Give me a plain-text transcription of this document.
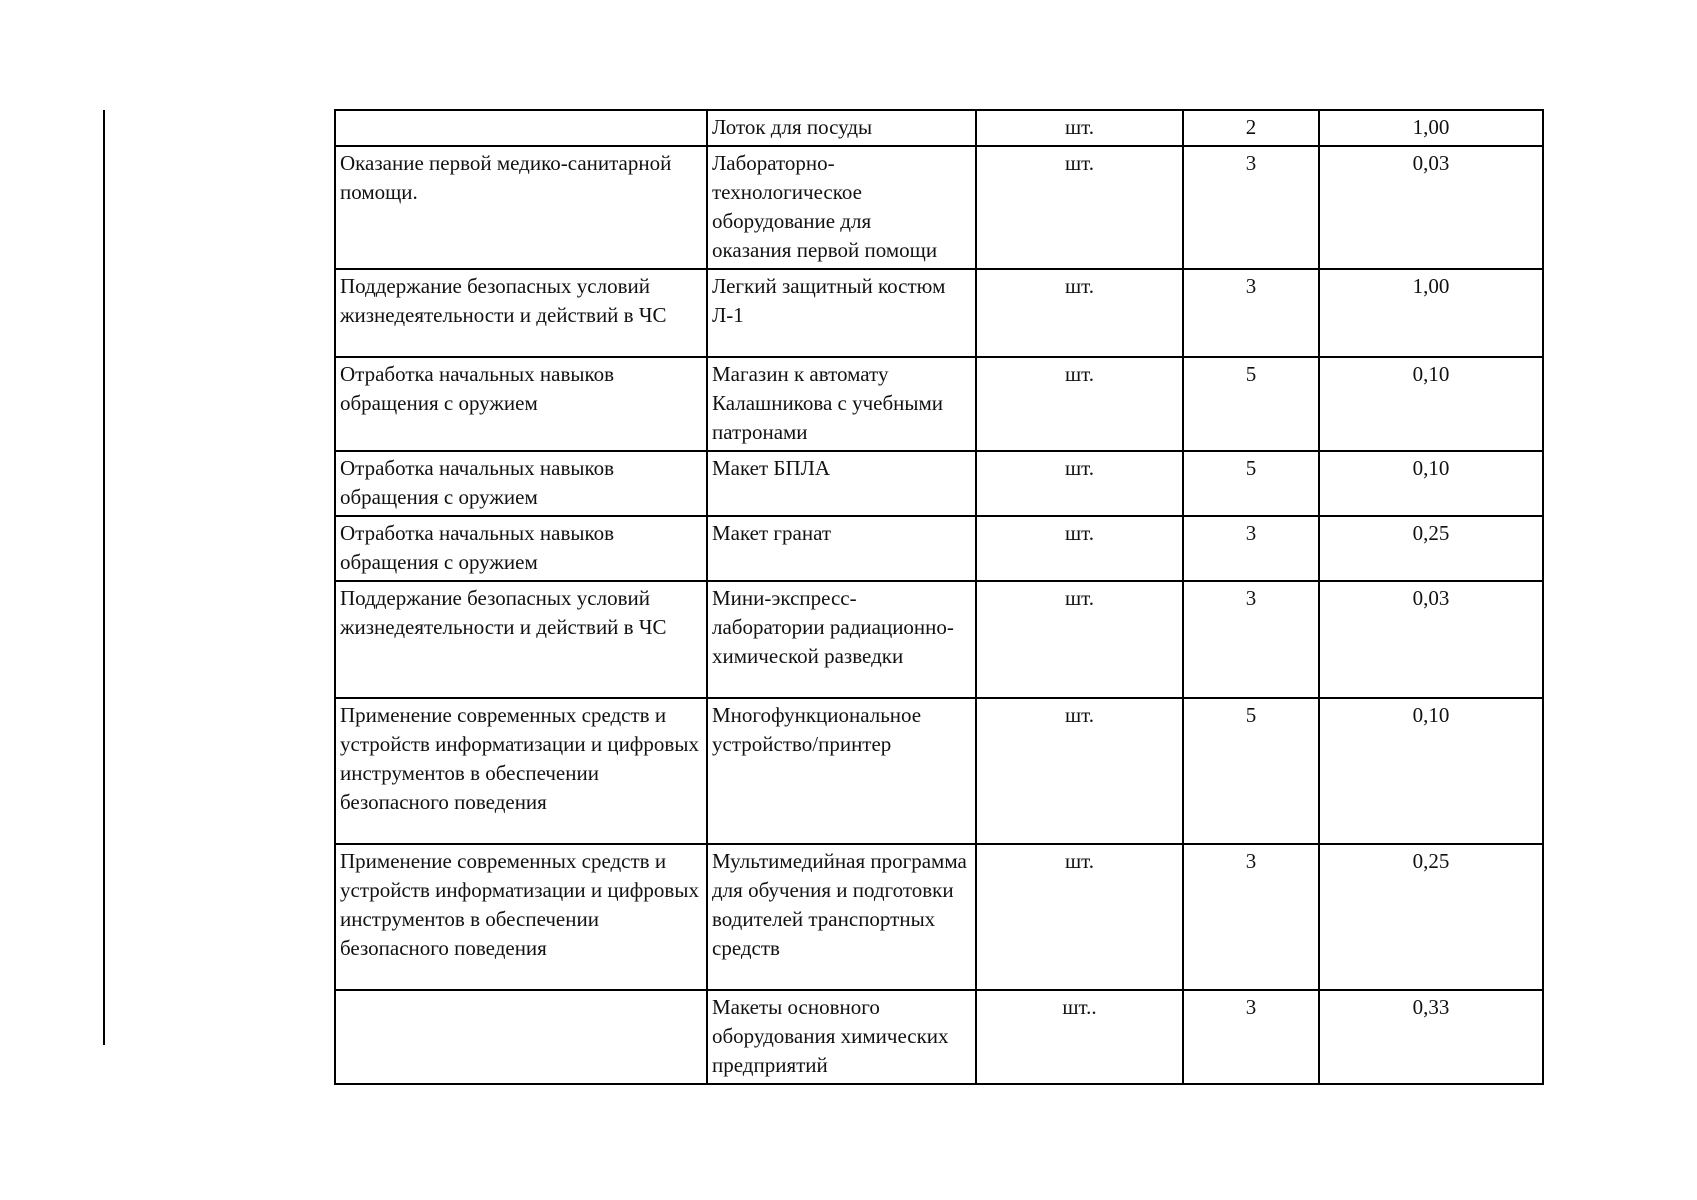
	Лоток для посуды	шт.	2	1,00
Оказание первой медико-санитарной помощи.	Лабораторно-
технологическое
оборудование для
оказания первой помощи	шт.	3	0,03
Поддержание безопасных условий жизнедеятельности и действий в ЧС	Легкий защитный костюм Л-1	шт.	3	1,00
Отработка начальных навыков обращения с оружием	Магазин к автомату Калашникова с учебными патронами	шт.	5	0,10
Отработка начальных навыков обращения с оружием	Макет БПЛА	шт.	5	0,10
Отработка начальных навыков обращения с оружием	Макет гранат	шт.	3	0,25
Поддержание безопасных условий жизнедеятельности и действий в ЧС	Мини-экспресс-
лаборатории радиационно-
химической разведки	шт.	3	0,03
Применение современных средств и устройств информатизации и цифровых инструментов в обеспечении безопасного поведения	Многофункциональное устройство/принтер	шт.	5	0,10
Применение современных средств и устройств информатизации и цифровых инструментов в обеспечении безопасного поведения	Мультимедийная программа для обучения и подготовки водителей транспортных средств	шт.	3	0,25
	Макеты основного оборудования химических предприятий	шт..	3	0,33
